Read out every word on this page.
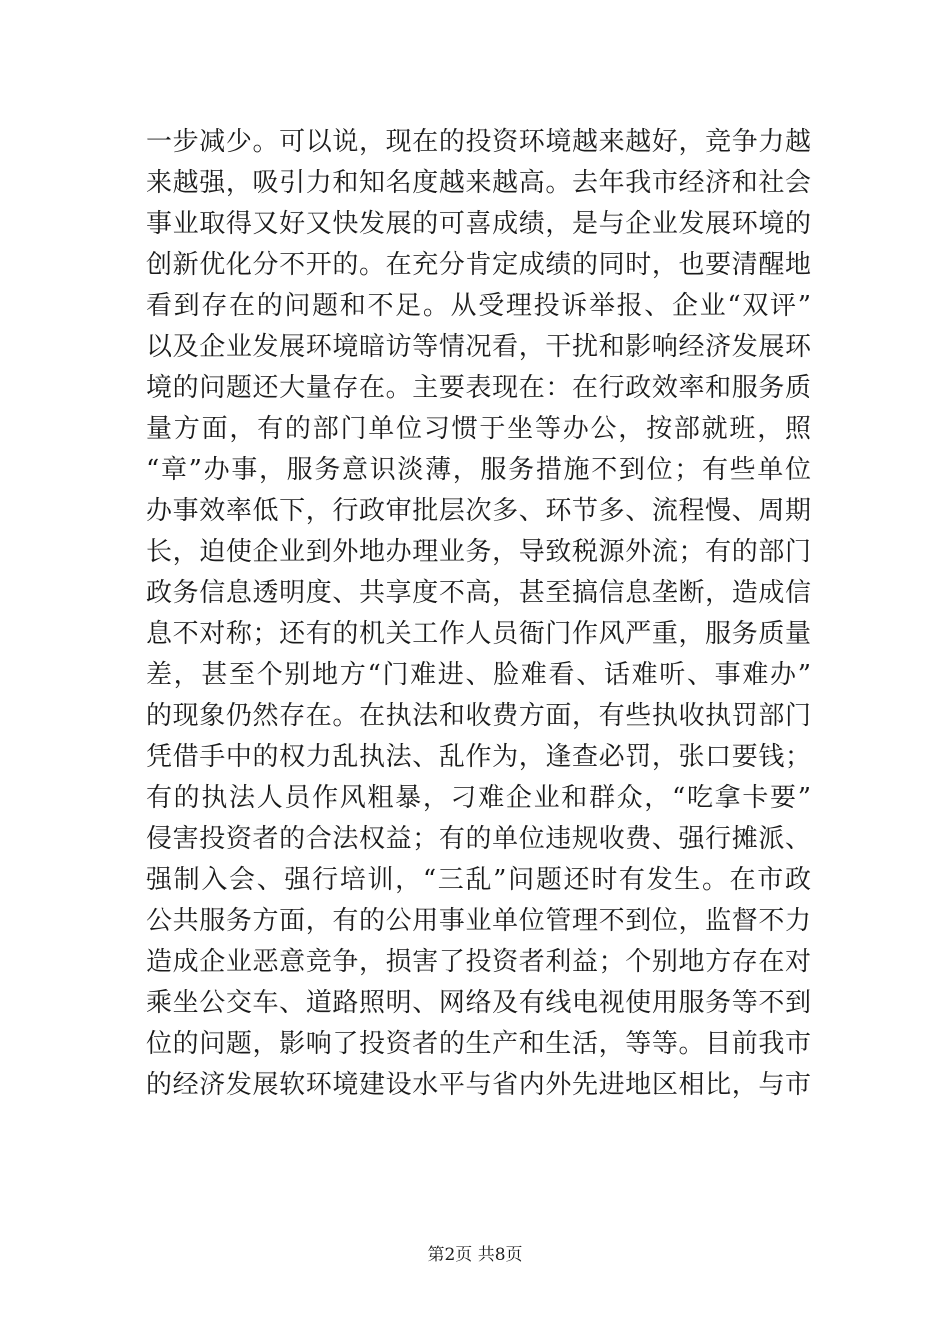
一步减少。可以说，现在的投资环境越来越好，竞争力越
来越强，吸引力和知名度越来越高。去年我市经济和社会
事业取得又好又快发展的可喜成绩，是与企业发展环境的
创新优化分不开的。在充分肯定成绩的同时，也要清醒地
看到存在的问题和不足。从受理投诉举报、企业“双评”
以及企业发展环境暗访等情况看，干扰和影响经济发展环
境的问题还大量存在。主要表现在：在行政效率和服务质
量方面，有的部门单位习惯于坐等办公，按部就班，照
“章”办事，服务意识淡薄，服务措施不到位；有些单位
办事效率低下，行政审批层次多、环节多、流程慢、周期
长，迫使企业到外地办理业务，导致税源外流；有的部门
政务信息透明度、共享度不高，甚至搞信息垄断，造成信
息不对称；还有的机关工作人员衙门作风严重，服务质量
差，甚至个别地方“门难进、脸难看、话难听、事难办”
的现象仍然存在。在执法和收费方面，有些执收执罚部门
凭借手中的权力乱执法、乱作为，逢查必罚，张口要钱；
有的执法人员作风粗暴，刁难企业和群众，“吃拿卡要”
侵害投资者的合法权益；有的单位违规收费、强行摊派、
强制入会、强行培训，“三乱”问题还时有发生。在市政
公共服务方面，有的公用事业单位管理不到位，监督不力
造成企业恶意竞争，损害了投资者利益；个别地方存在对
乘坐公交车、道路照明、网络及有线电视使用服务等不到
位的问题，影响了投资者的生产和生活，等等。目前我市
的经济发展软环境建设水平与省内外先进地区相比，与市
第2页 共8页
